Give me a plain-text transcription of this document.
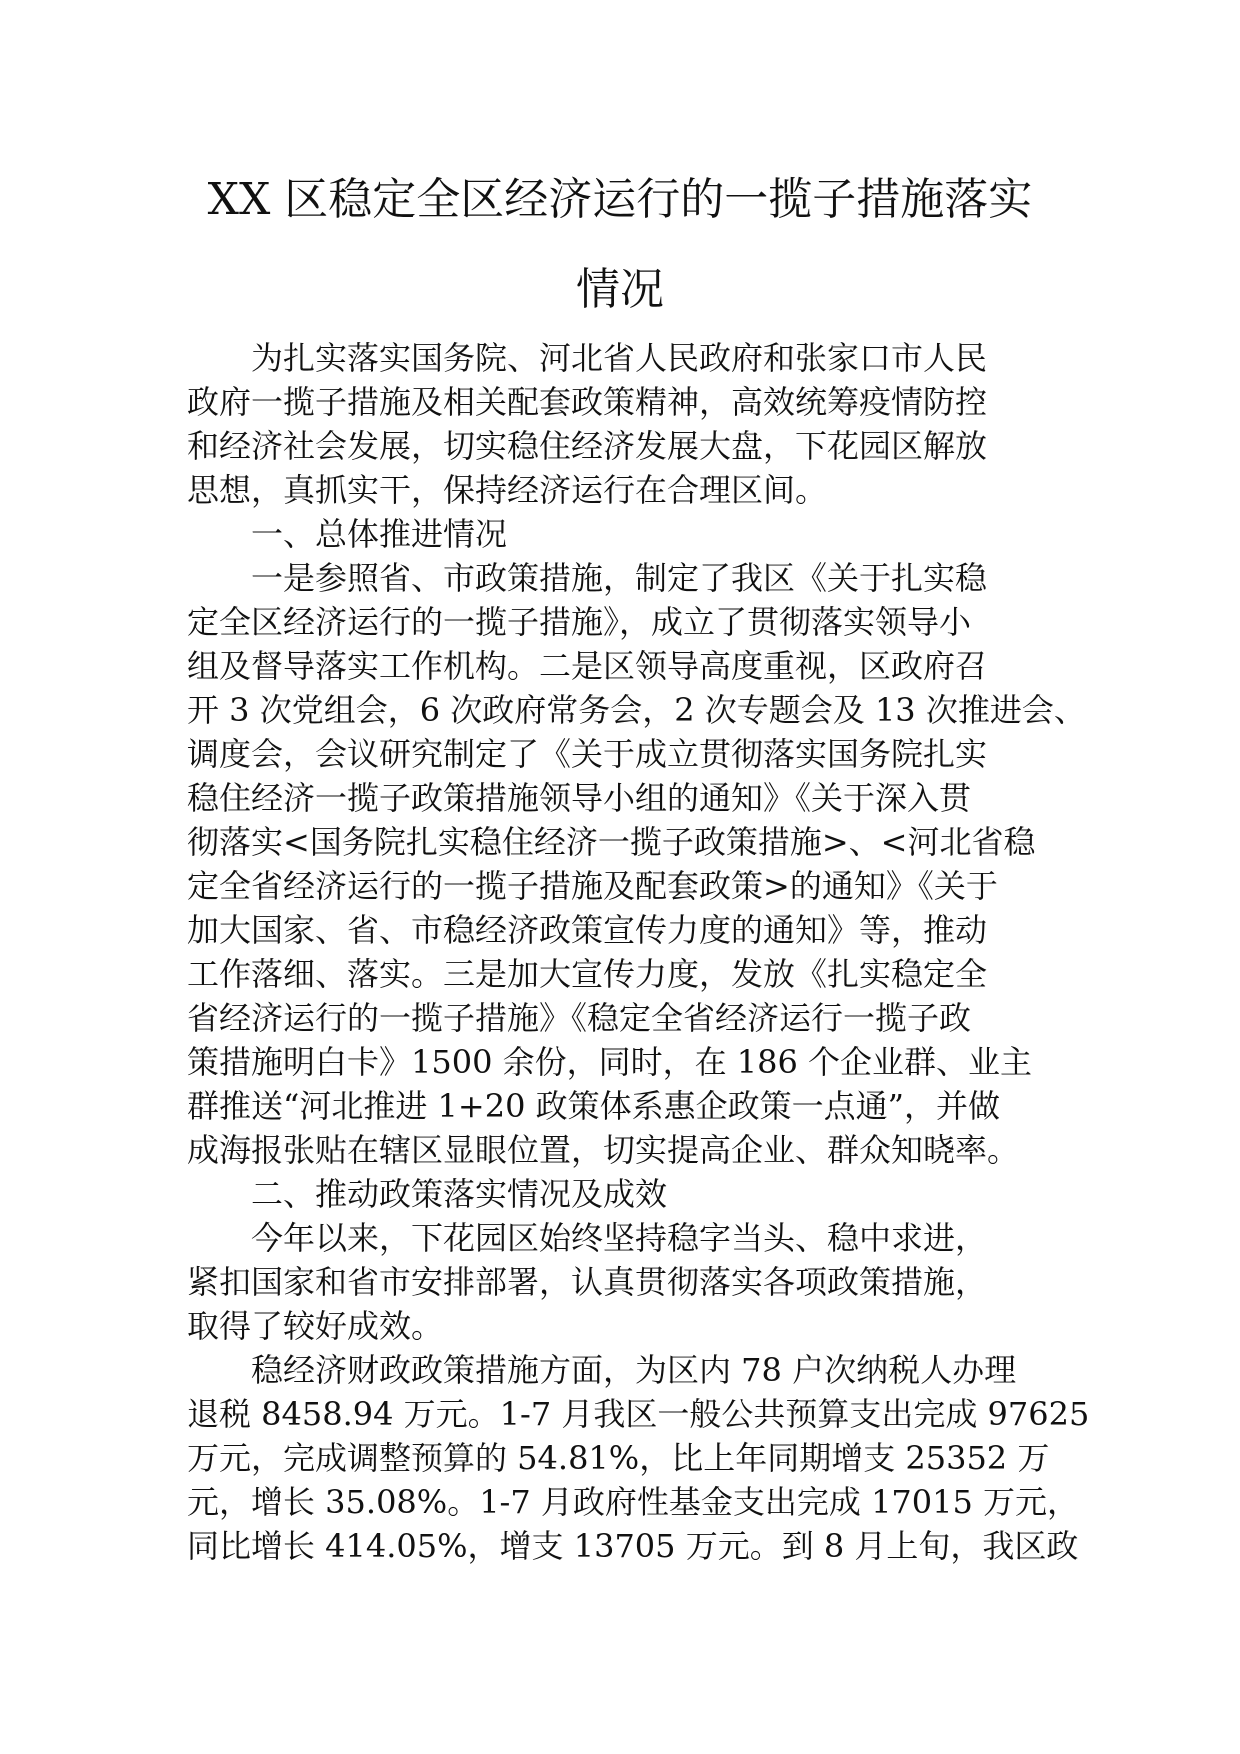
XX 区稳定全区经济运行的一揽子措施落实
情况
为扎实落实国务院、河北省人民政府和张家口市人民
政府一揽子措施及相关配套政策精神，高效统筹疫情防控
和经济社会发展，切实稳住经济发展大盘，下花园区解放
思想，真抓实干，保持经济运行在合理区间。
一、总体推进情况
一是参照省、市政策措施，制定了我区《关于扎实稳
定全区经济运行的一揽子措施》，成立了贯彻落实领导小
组及督导落实工作机构。二是区领导高度重视，区政府召
开 3 次党组会，6 次政府常务会，2 次专题会及 13 次推进会、
调度会，会议研究制定了《关于成立贯彻落实国务院扎实
稳住经济一揽子政策措施领导小组的通知》《关于深入贯
彻落实<国务院扎实稳住经济一揽子政策措施>、<河北省稳
定全省经济运行的一揽子措施及配套政策>的通知》《关于
加大国家、省、市稳经济政策宣传力度的通知》等，推动
工作落细、落实。三是加大宣传力度，发放《扎实稳定全
省经济运行的一揽子措施》《稳定全省经济运行一揽子政
策措施明白卡》1500 余份，同时，在 186 个企业群、业主
群推送“河北推进 1+20 政策体系惠企政策一点通”，并做
成海报张贴在辖区显眼位置，切实提高企业、群众知晓率。
二、推动政策落实情况及成效
今年以来，下花园区始终坚持稳字当头、稳中求进，
紧扣国家和省市安排部署，认真贯彻落实各项政策措施，
取得了较好成效。
稳经济财政政策措施方面，为区内 78 户次纳税人办理
退税 8458.94 万元。1-7 月我区一般公共预算支出完成 97625
万元，完成调整预算的 54.81%，比上年同期增支 25352 万
元，增长 35.08%。1-7 月政府性基金支出完成 17015 万元，
同比增长 414.05%，增支 13705 万元。到 8 月上旬，我区政
